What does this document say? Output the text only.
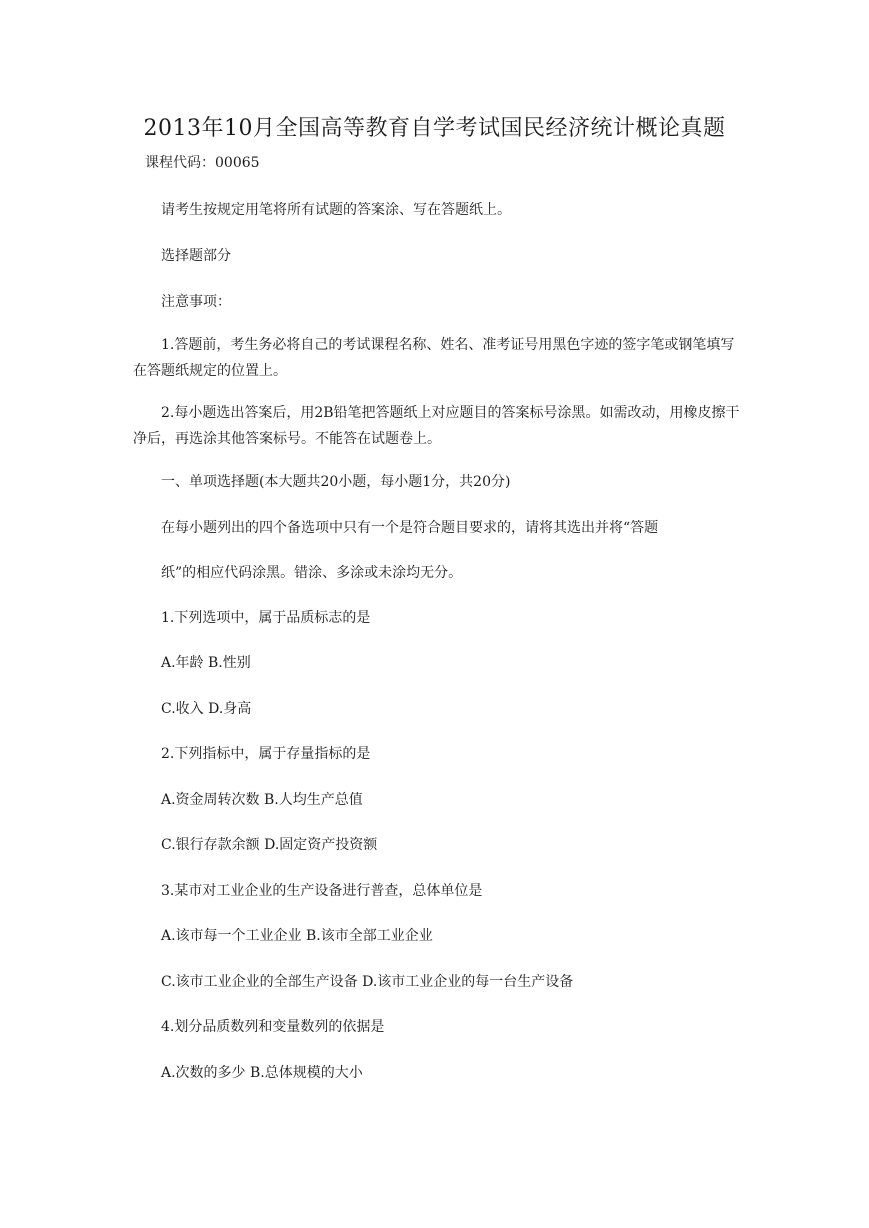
2013年10月全国高等教育自学考试国民经济统计概论真题

课程代码：00065

请考生按规定用笔将所有试题的答案涂、写在答题纸上。

选择题部分

注意事项：

1.答题前，考生务必将自己的考试课程名称、姓名、准考证号用黑色字迹的签字笔或钢笔填写在答题纸规定的位置上。

2.每小题选出答案后，用2B铅笔把答题纸上对应题目的答案标号涂黑。如需改动，用橡皮擦干净后，再选涂其他答案标号。不能答在试题卷上。

一、单项选择题(本大题共20小题，每小题1分，共20分)

在每小题列出的四个备选项中只有一个是符合题目要求的，请将其选出并将“答题

纸”的相应代码涂黑。错涂、多涂或未涂均无分。

1.下列选项中，属于品质标志的是

A.年龄 B.性别

C.收入 D.身高

2.下列指标中，属于存量指标的是

A.资金周转次数 B.人均生产总值

C.银行存款余额 D.固定资产投资额

3.某市对工业企业的生产设备进行普查，总体单位是

A.该市每一个工业企业 B.该市全部工业企业

C.该市工业企业的全部生产设备 D.该市工业企业的每一台生产设备

4.划分品质数列和变量数列的依据是

A.次数的多少 B.总体规模的大小
